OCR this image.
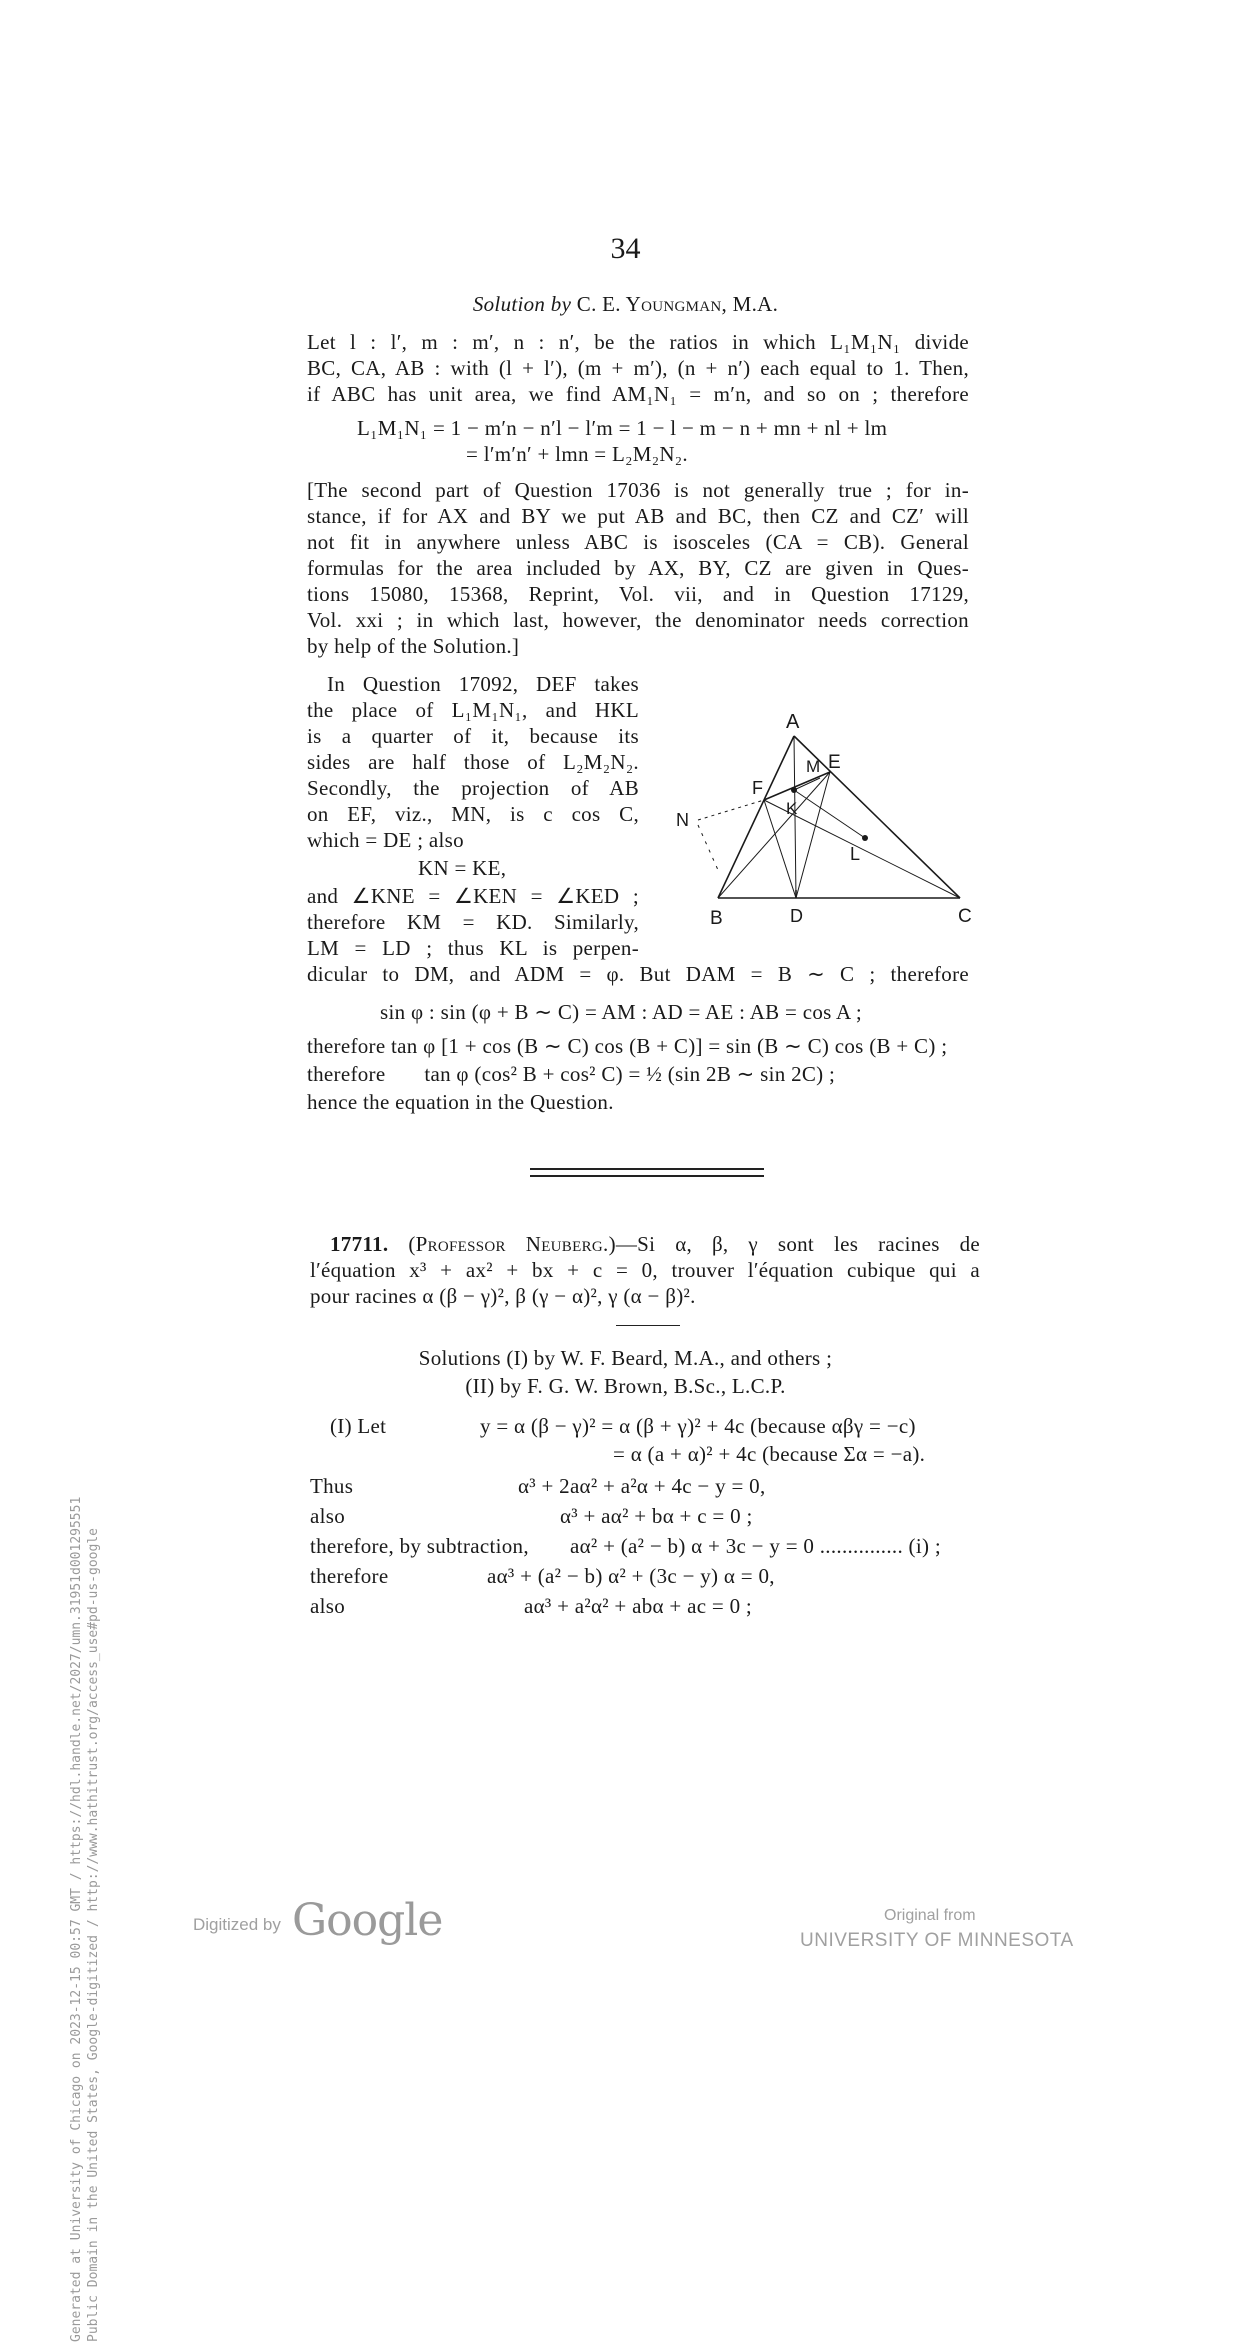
34
Solution by C. E. Youngman, M.A.
Let l : l′, m : m′, n : n′, be the ratios in which L₁M₁N₁ divide
BC, CA, AB : with (l + l′), (m + m′), (n + n′) each equal to 1. Then,
if ABC has unit area, we find AM₁N₁ = m′n, and so on ; therefore
L₁M₁N₁ = 1 − m′n − n′l − l′m = 1 − l − m − n + mn + nl + lm
= l′m′n′ + lmn = L₂M₂N₂.
[The second part of Question 17036 is not generally true ; for in-
stance, if for AX and BY we put AB and BC, then CZ and CZ′ will
not fit in anywhere unless ABC is isosceles (CA = CB). General
formulas for the area included by AX, BY, CZ are given in Ques-
tions 15080, 15368, Reprint, Vol. vii, and in Question 17129,
Vol. xxi ; in which last, however, the denominator needs correction
by help of the Solution.]
In Question 17092, DEF takes
the place of L₁M₁N₁, and HKL
is a quarter of it, because its
sides are half those of L₂M₂N₂.
Secondly, the projection of AB
on EF, viz., MN, is c cos C,
which = DE ; also
KN = KE,
and ∠KNE = ∠KEN = ∠KED ;
therefore KM = KD. Similarly,
LM = LD ; thus KL is perpen-
A
B	C
D
E
F
M
N
K
L
dicular to DM, and ADM = φ. But DAM = B ∼ C ; therefore
sin φ : sin (φ + B ∼ C) = AM : AD = AE : AB = cos A ;
therefore tan φ [1 + cos (B ∼ C) cos (B + C)] = sin (B ∼ C) cos (B + C) ;
therefore       tan φ (cos² B + cos² C) = ½ (sin 2B ∼ sin 2C) ;
hence the equation in the Question.
17711. (Professor Neuberg.)—Si α, β, γ sont les racines de
l′équation x³ + ax² + bx + c = 0, trouver l′équation cubique qui a
pour racines α (β − γ)², β (γ − α)², γ (α − β)².
Solutions (I) by W. F. Beard, M.A., and others ;
(II) by F. G. W. Brown, B.Sc., L.C.P.
(I) Let	y = α (β − γ)² = α (β + γ)² + 4c (because αβγ = −c)
= α (a + α)² + 4c (because Σα = −a).
Thus	α³ + 2aα² + a²α + 4c − y = 0,
also	α³ + aα² + bα + c = 0 ;
therefore, by subtraction, aα² + (a² − b) α + 3c − y = 0 ............... (i) ;
therefore	aα³ + (a² − b) α² + (3c − y) α = 0,
also	aα³ + a²α² + abα + ac = 0 ;
Generated at University of Chicago on 2023-12-15 00:57 GMT / https://hdl.handle.net/2027/umn.31951d001295551 Public Domain in the United States, Google-digitized / http://www.hathitrust.org/access_use#pd-us-google	Digitized by Google	Original from
UNIVERSITY OF MINNESOTA
